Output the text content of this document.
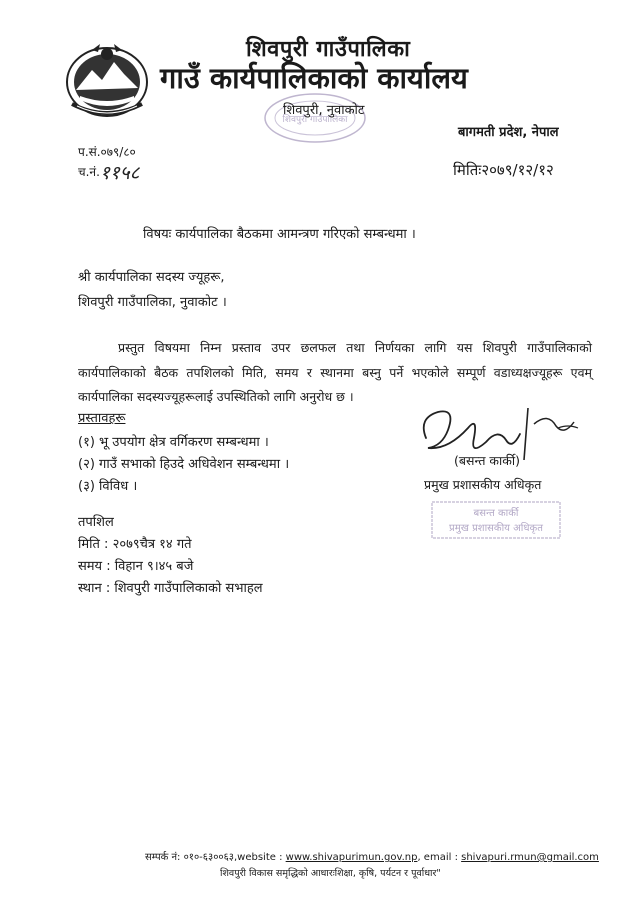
शिवपुरी गाउँपालिका
शिवपुरी गाउँपालिका
गाउँ कार्यपालिकाको कार्यालय
शिवपुरी, नुवाकोट
बागमती प्रदेश, नेपाल
प.सं.०७९/८०
च.नं. ११५८	मितिः२०७९/१२/१२
विषयः कार्यपालिका बैठकमा आमन्त्रण गरिएको सम्बन्धमा ।
श्री कार्यपालिका सदस्य ज्यूहरू,
शिवपुरी गाउँपालिका, नुवाकोट ।
प्रस्तुत विषयमा निम्न प्रस्ताव उपर छलफल तथा निर्णयका लागि यस शिवपुरी गाउँपालिकाको कार्यपालिकाको बैठक तपशिलको मिति, समय र स्थानमा बस्नु पर्ने भएकोले सम्पूर्ण वडाध्यक्षज्यूहरू एवम् कार्यपालिका सदस्यज्यूहरूलाई उपस्थितिको लागि अनुरोध छ ।
प्रस्तावहरू
(१) भू उपयोग क्षेत्र वर्गिकरण सम्बन्धमा ।
(२) गाउँ सभाको हिउदे अधिवेशन सम्बन्धमा ।
(३) विविध ।
(बसन्त कार्की)
प्रमुख प्रशासकीय अधिकृत
बसन्त कार्की
प्रमुख प्रशासकीय अधिकृत
तपशिल
मिति : २०७९चैत्र १४ गते
समय : विहान ९।४५ बजे
स्थान : शिवपुरी गाउँपालिकाको सभाहल
सम्पर्क नं: ०१०-६३००६३,website : www.shivapurimun.gov.np, email : shivapuri.rmun@gmail.com
शिवपुरी विकास समृद्धिको आधारःशिक्षा, कृषि, पर्यटन र पूर्वाधार"
